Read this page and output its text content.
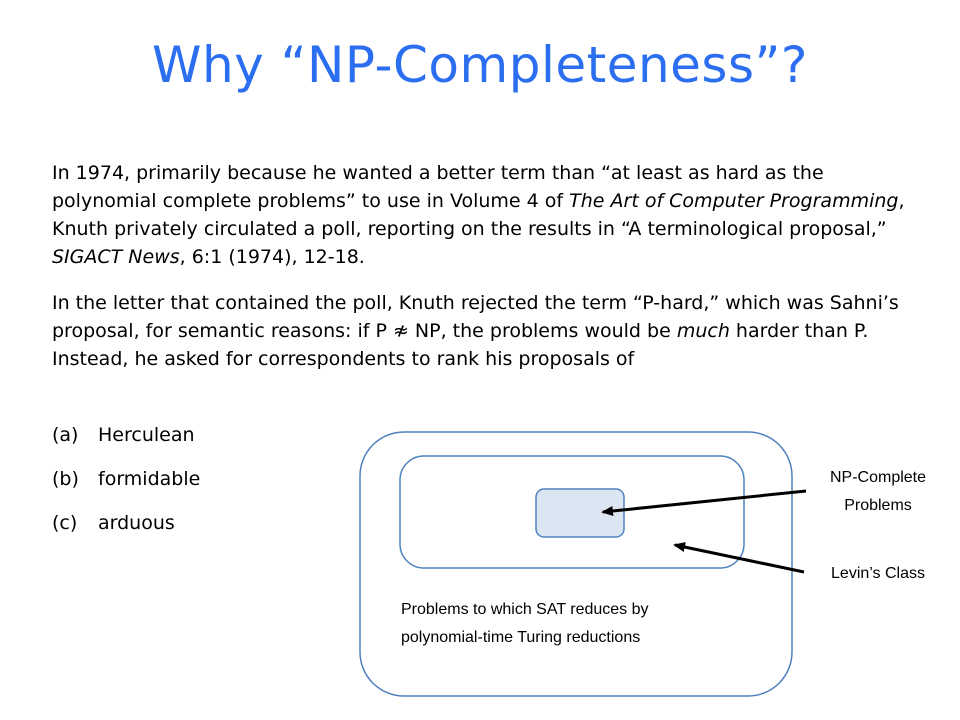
Why “NP-Completeness”?
In 1974, primarily because he wanted a better term than “at least as hard as the polynomial complete problems” to use in Volume 4 of The Art of Computer Programming, Knuth privately circulated a poll, reporting on the results in “A terminological proposal,” SIGACT News, 6:1 (1974), 12-18.
In the letter that contained the poll, Knuth rejected the term “P-hard,” which was Sahni’s proposal, for semantic reasons: if P ≉ NP, the problems would be much harder than P. Instead, he asked for correspondents to rank his proposals of
(a)	Herculean
(b)	formidable
(c)	arduous
NP-Complete
Problems
Levin’s Class
Problems to which SAT reduces by
polynomial-time Turing reductions
